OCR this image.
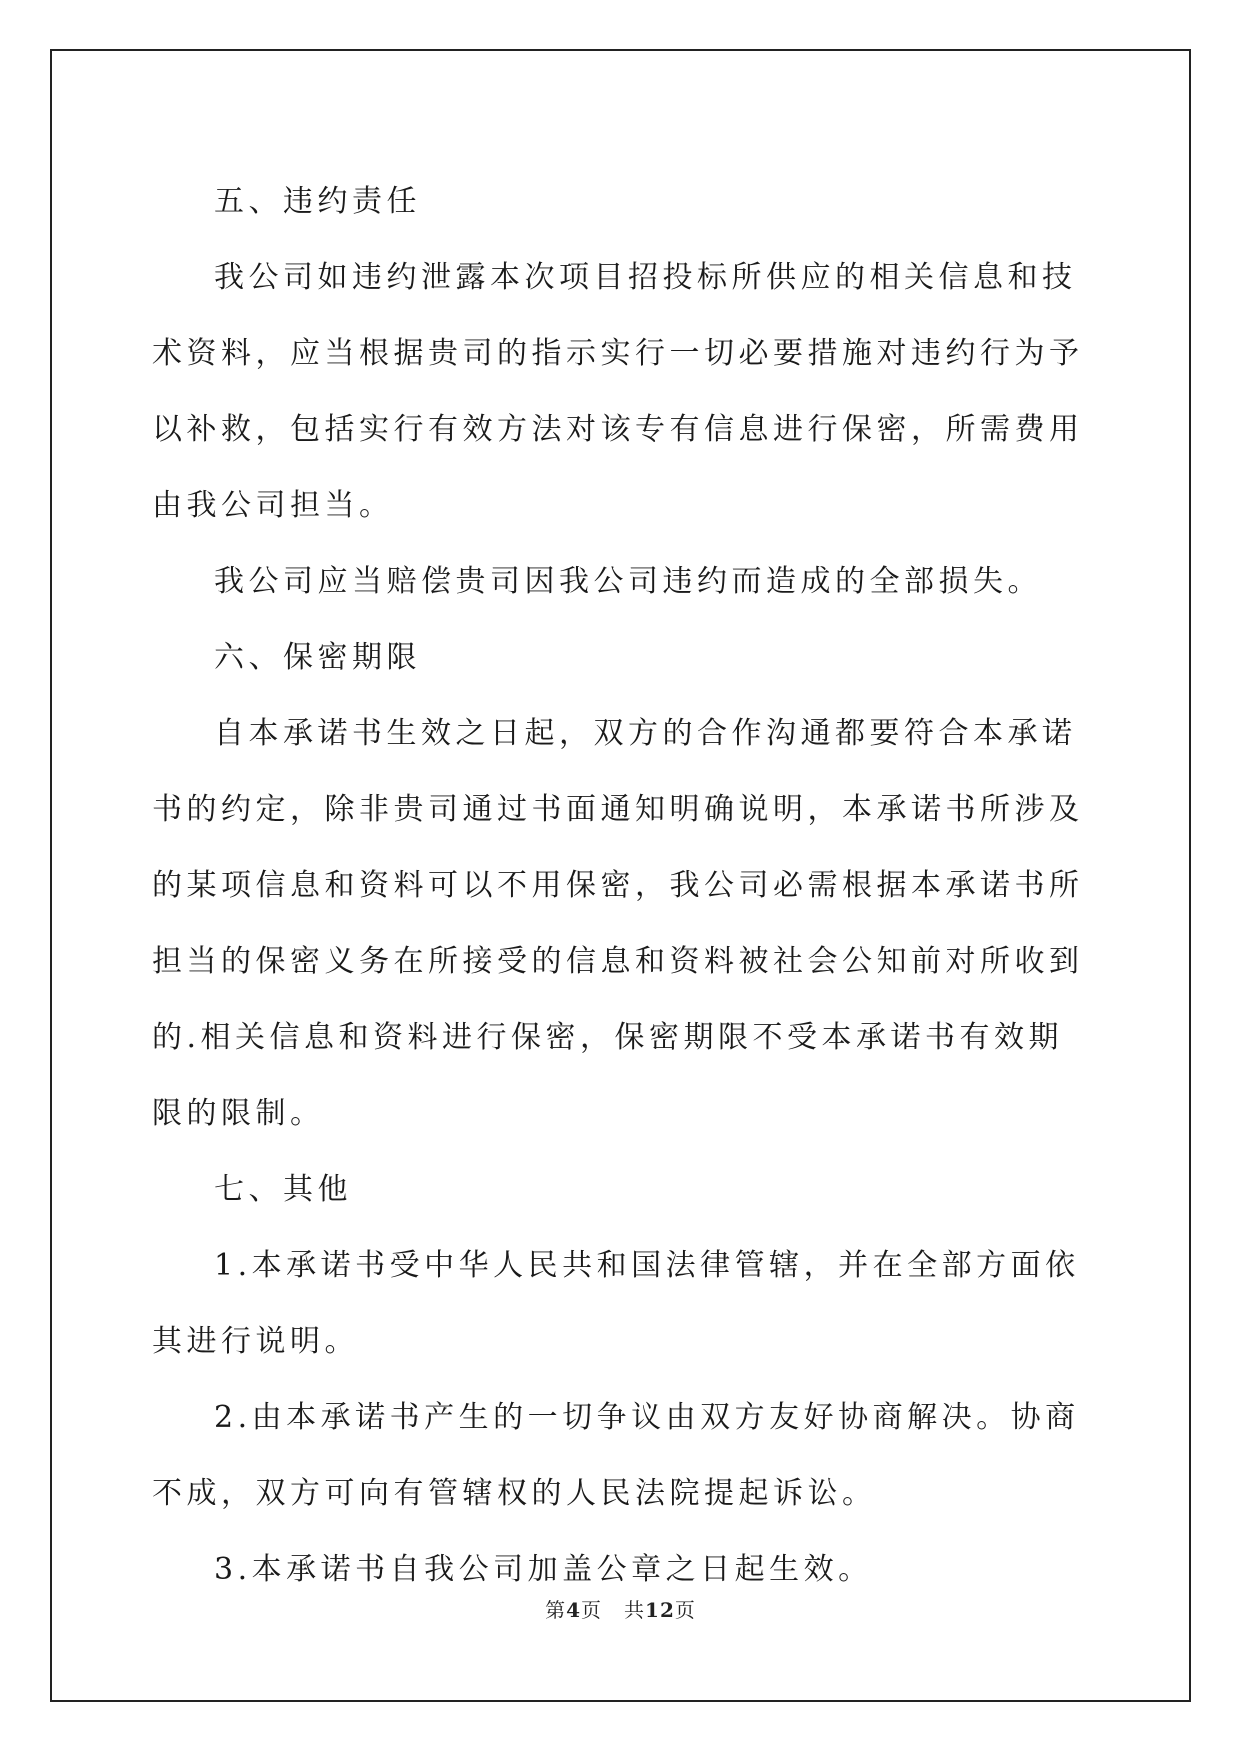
五、违约责任

我公司如违约泄露本次项目招投标所供应的相关信息和技术资料，应当根据贵司的指示实行一切必要措施对违约行为予以补救，包括实行有效方法对该专有信息进行保密，所需费用由我公司担当。

我公司应当赔偿贵司因我公司违约而造成的全部损失。

六、保密期限

自本承诺书生效之日起，双方的合作沟通都要符合本承诺书的约定，除非贵司通过书面通知明确说明，本承诺书所涉及的某项信息和资料可以不用保密，我公司必需根据本承诺书所担当的保密义务在所接受的信息和资料被社会公知前对所收到的.相关信息和资料进行保密，保密期限不受本承诺书有效期限的限制。

七、其他

1.本承诺书受中华人民共和国法律管辖，并在全部方面依其进行说明。

2.由本承诺书产生的一切争议由双方友好协商解决。协商不成，双方可向有管辖权的人民法院提起诉讼。

3.本承诺书自我公司加盖公章之日起生效。

第4页 共12页
